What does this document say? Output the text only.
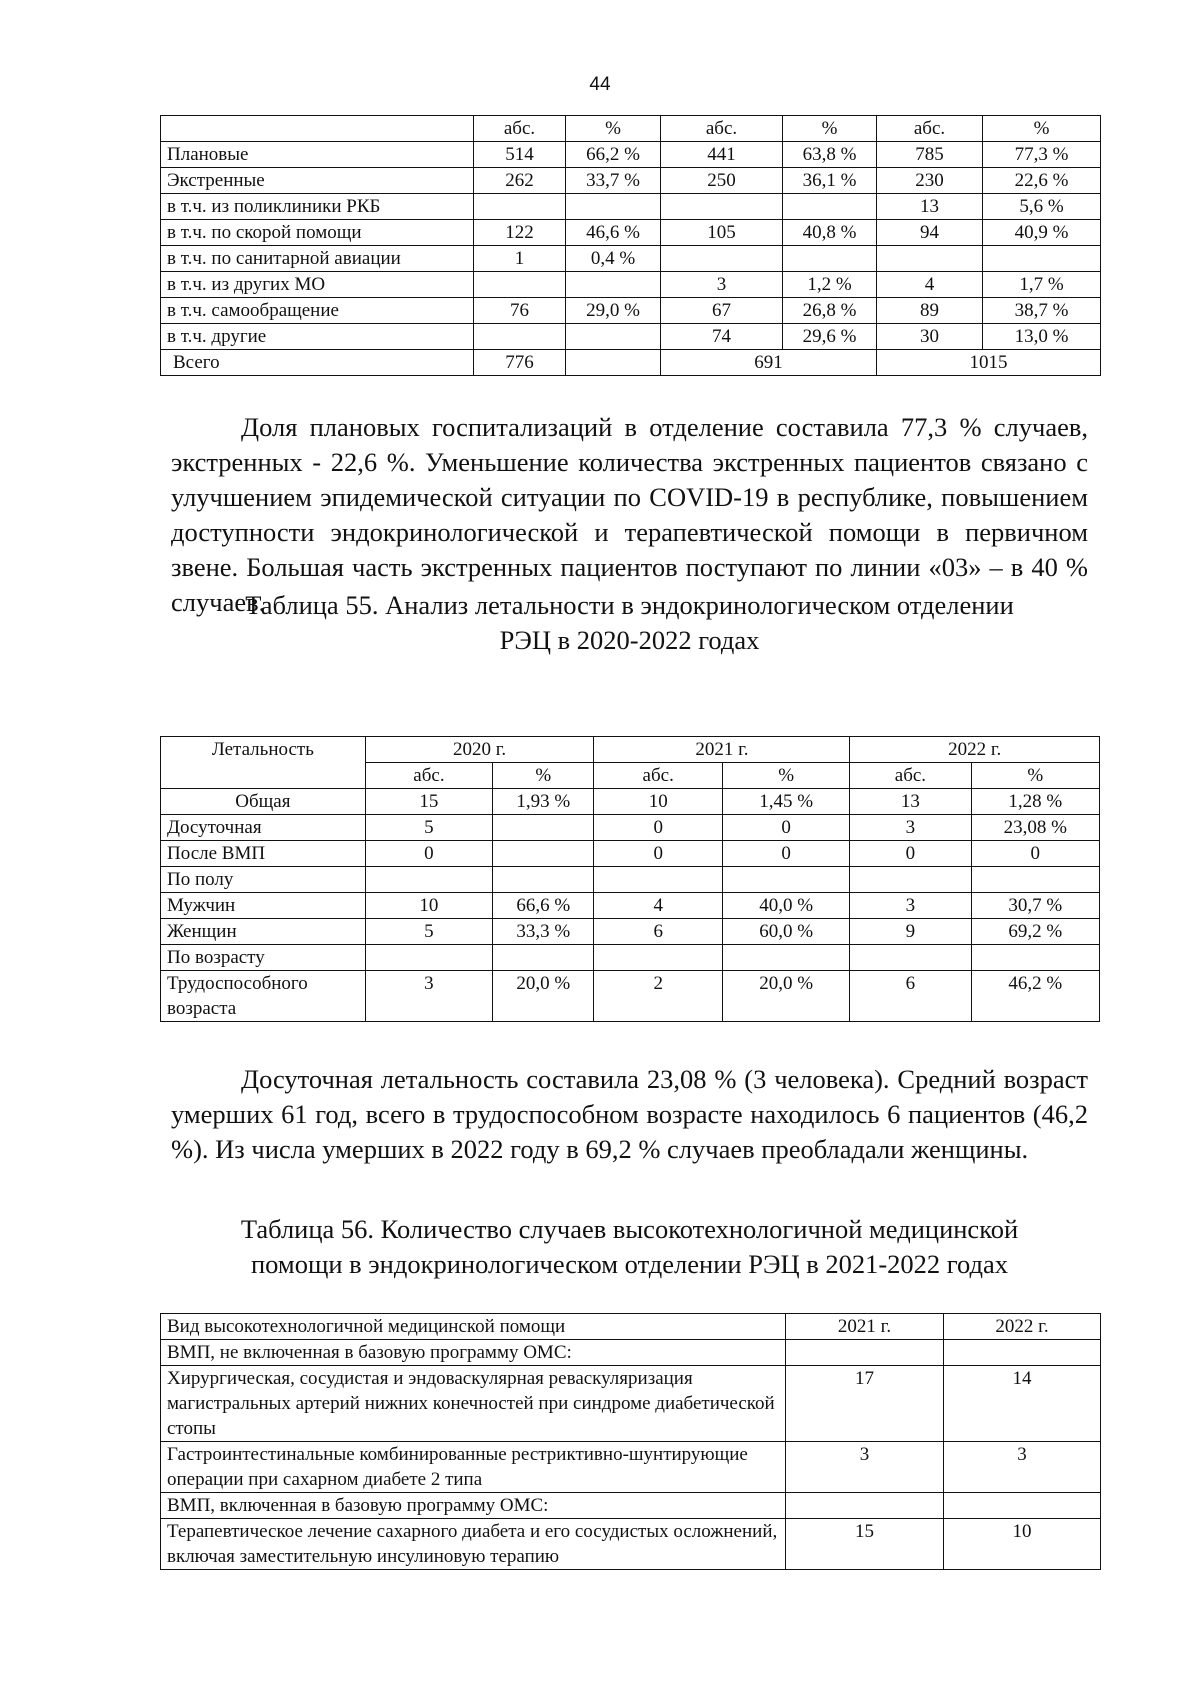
44
	абс.	%	абс.	%	абс.	%
Плановые	514	66,2 %	441	63,8 %	785	77,3 %
Экстренные	262	33,7 %	250	36,1 %	230	22,6 %
в т.ч. из поликлиники РКБ					13	5,6 %
в т.ч. по скорой помощи	122	46,6 %	105	40,8 %	94	40,9 %
в т.ч. по санитарной авиации	1	0,4 %				
в т.ч. из других МО			3	1,2 %	4	1,7 %
в т.ч. самообращение	76	29,0 %	67	26,8 %	89	38,7 %
в т.ч. другие			74	29,6 %	30	13,0 %
Всего	776		691		1015	

Доля плановых госпитализаций в отделение составила 77,3 % случаев, экстренных - 22,6 %. Уменьшение количества экстренных пациентов связано с улучшением эпидемической ситуации по COVID-19 в республике, повышением доступности эндокринологической и терапевтической помощи в первичном звене. Большая часть экстренных пациентов поступают по линии «03» – в 40 % случаев.

Таблица 55. Анализ летальности в эндокринологическом отделении

РЭЦ в 2020-2022 годах

Летальность	2020 г.		2021 г.		2022 г.	
	абс.	%	абс.	%	абс.	%
Общая	15	1,93 %	10	1,45 %	13	1,28 %
Досуточная	5		0	0	3	23,08 %
После ВМП	0		0	0	0	0
По полу						
Мужчин	10	66,6 %	4	40,0 %	3	30,7 %
Женщин	5	33,3 %	6	60,0 %	9	69,2 %
По возрасту						
Трудоспособного возраста	3	20,0 %	2	20,0 %	6	46,2 %

Досуточная летальность составила 23,08 % (3 человека). Средний возраст умерших 61 год, всего в трудоспособном возрасте находилось 6 пациентов (46,2 %). Из числа умерших в 2022 году в 69,2 % случаев преобладали женщины.

Таблица 56. Количество случаев высокотехнологичной медицинской

помощи в эндокринологическом отделении РЭЦ в 2021-2022 годах

Вид высокотехнологичной медицинской помощи	2021 г.	2022 г.
ВМП, не включенная в базовую программу ОМС:		
Хирургическая, сосудистая и эндоваскулярная реваскуляризация магистральных артерий нижних конечностей при синдроме диабетической стопы	17	14
Гастроинтестинальные комбинированные рестриктивно-шунтирующие операции при сахарном диабете 2 типа	3	3
ВМП, включенная в базовую программу ОМС:		
Терапевтическое лечение сахарного диабета и его сосудистых осложнений, включая заместительную инсулиновую терапию	15	10
